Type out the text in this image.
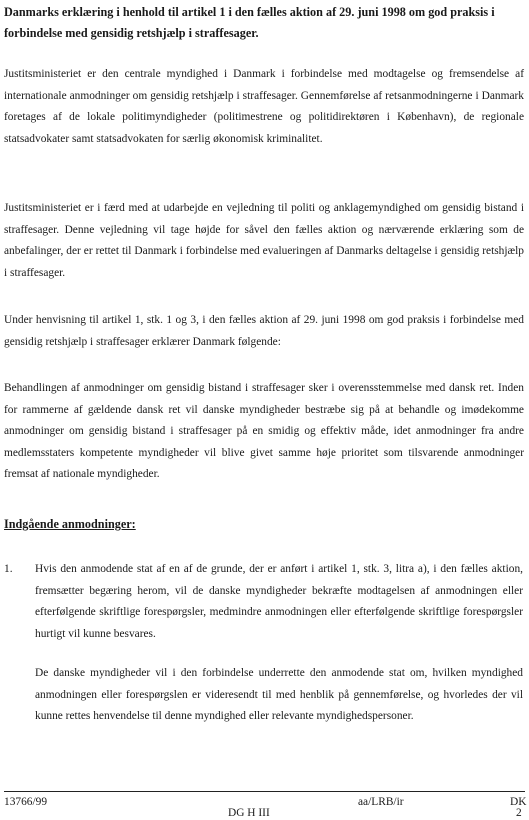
Danmarks erklæring i henhold til artikel 1 i den fælles aktion af 29. juni 1998 om god praksis i forbindelse med gensidig retshjælp i straffesager.
Justitsministeriet er den centrale myndighed i Danmark i forbindelse med modtagelse og fremsendelse af internationale anmodninger om gensidig retshjælp i straffesager. Gennemførelse af retsanmodningerne i Danmark foretages af de lokale politimyndigheder (politimestrene og politidirektøren i København), de regionale statsadvokater samt statsadvokaten for særlig økonomisk kriminalitet.
Justitsministeriet er i færd med at udarbejde en vejledning til politi og anklagemyndighed om gensidig bistand i straffesager. Denne vejledning vil tage højde for såvel den fælles aktion og nærværende erklæring som de anbefalinger, der er rettet til Danmark i forbindelse med evalueringen af Danmarks deltagelse i gensidig retshjælp i straffesager.
Under henvisning til artikel 1, stk. 1 og 3, i den fælles aktion af 29. juni 1998 om god praksis i forbindelse med gensidig retshjælp i straffesager erklærer Danmark følgende:
Behandlingen af anmodninger om gensidig bistand i straffesager sker i overensstemmelse med dansk ret. Inden for rammerne af gældende dansk ret vil danske myndigheder bestræbe sig på at behandle og imødekomme anmodninger om gensidig bistand i straffesager på en smidig og effektiv måde, idet anmodninger fra andre medlemsstaters kompetente myndigheder vil blive givet samme høje prioritet som tilsvarende anmodninger fremsat af nationale myndigheder.
Indgående anmodninger:
1. Hvis den anmodende stat af en af de grunde, der er anført i artikel 1, stk. 3, litra a), i den fælles aktion, fremsætter begæring herom, vil de danske myndigheder bekræfte modtagelsen af anmodningen eller efterfølgende skriftlige forespørgsler, medmindre anmodningen eller efterfølgende skriftlige forespørgsler hurtigt vil kunne besvares.
De danske myndigheder vil i den forbindelse underrette den anmodende stat om, hvilken myndighed anmodningen eller forespørgslen er videresendt til med henblik på gennemførelse, og hvorledes der vil kunne rettes henvendelse til denne myndighed eller relevante myndighedspersoner.
13766/99	aa/LRB/ir	DK
DG H III	2
